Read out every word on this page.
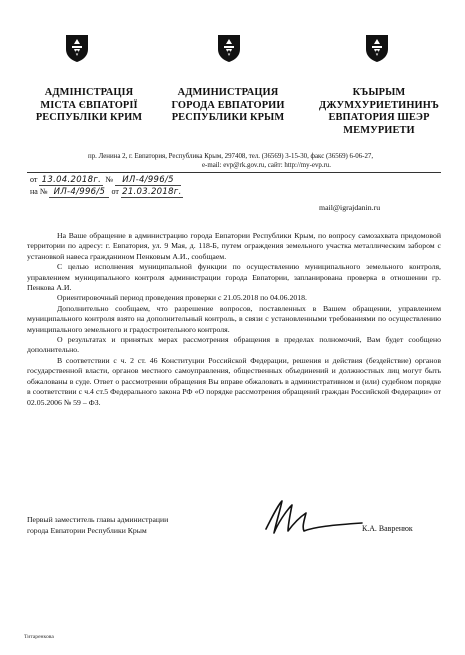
АДМІНІСТРАЦІЯ
МІСТА ЄВПАТОРІЇ
РЕСПУБЛІКИ КРИМ
АДМИНИСТРАЦИЯ
ГОРОДА ЕВПАТОРИИ
РЕСПУБЛИКИ КРЫМ
КЪЫРЫМ
ДЖУМХУРИЕТИНИНЪ
ЕВПАТОРИЯ ШЕЭР
МЕМУРИЕТИ
пр. Ленина 2, г. Евпатория, Республика Крым, 297408, тел. (36569) 3-15-30, факс (36569) 6-06-27,
e-mail: evp@rk.gov.ru, сайт: http://my-evp.ru.
от 13.04.2018г. № ИЛ-4/996/5
на № ИЛ-4/996/5 от 21.03.2018г.
mail@igrajdanin.ru

На Ваше обращение в администрацию города Евпатории Республики Крым, по вопросу самозахвата придомовой территории по адресу: г. Евпатория, ул. 9 Мая, д. 118-Б, путем ограждения земельного участка металлическим забором с установкой навеса гражданином Пенковым А.И., сообщаем.

С целью исполнения муниципальной функции по осуществлению муниципального земельного контроля, управлением муниципального контроля администрации города Евпатории, запланирована проверка в отношении гр. Пенкова А.И.

Ориентировочный период проведения проверки с 21.05.2018 по 04.06.2018.

Дополнительно сообщаем, что разрешение вопросов, поставленных в Вашем обращении, управлением муниципального контроля взято на дополнительный контроль, в связи с установленными требованиями по осуществлению муниципального земельного и градостроительного контроля.

О результатах и принятых мерах рассмотрения обращения в пределах полномочий, Вам будет сообщено дополнительно.

В соответствии с ч. 2 ст. 46 Конституции Российской Федерации, решения и действия (бездействие) органов государственной власти, органов местного самоуправления, общественных объединений и должностных лиц могут быть обжалованы в суде. Ответ о рассмотрении обращения Вы вправе обжаловать в административном и (или) судебном порядке в соответствии с ч.4 ст.5 Федерального закона РФ «О порядке рассмотрения обращений граждан Российской Федерации» от 02.05.2006 № 59 – ФЗ.

Первый заместитель главы администрации
города Евпатории Республики Крым	К.А. Вавренюк
Титаренкова
